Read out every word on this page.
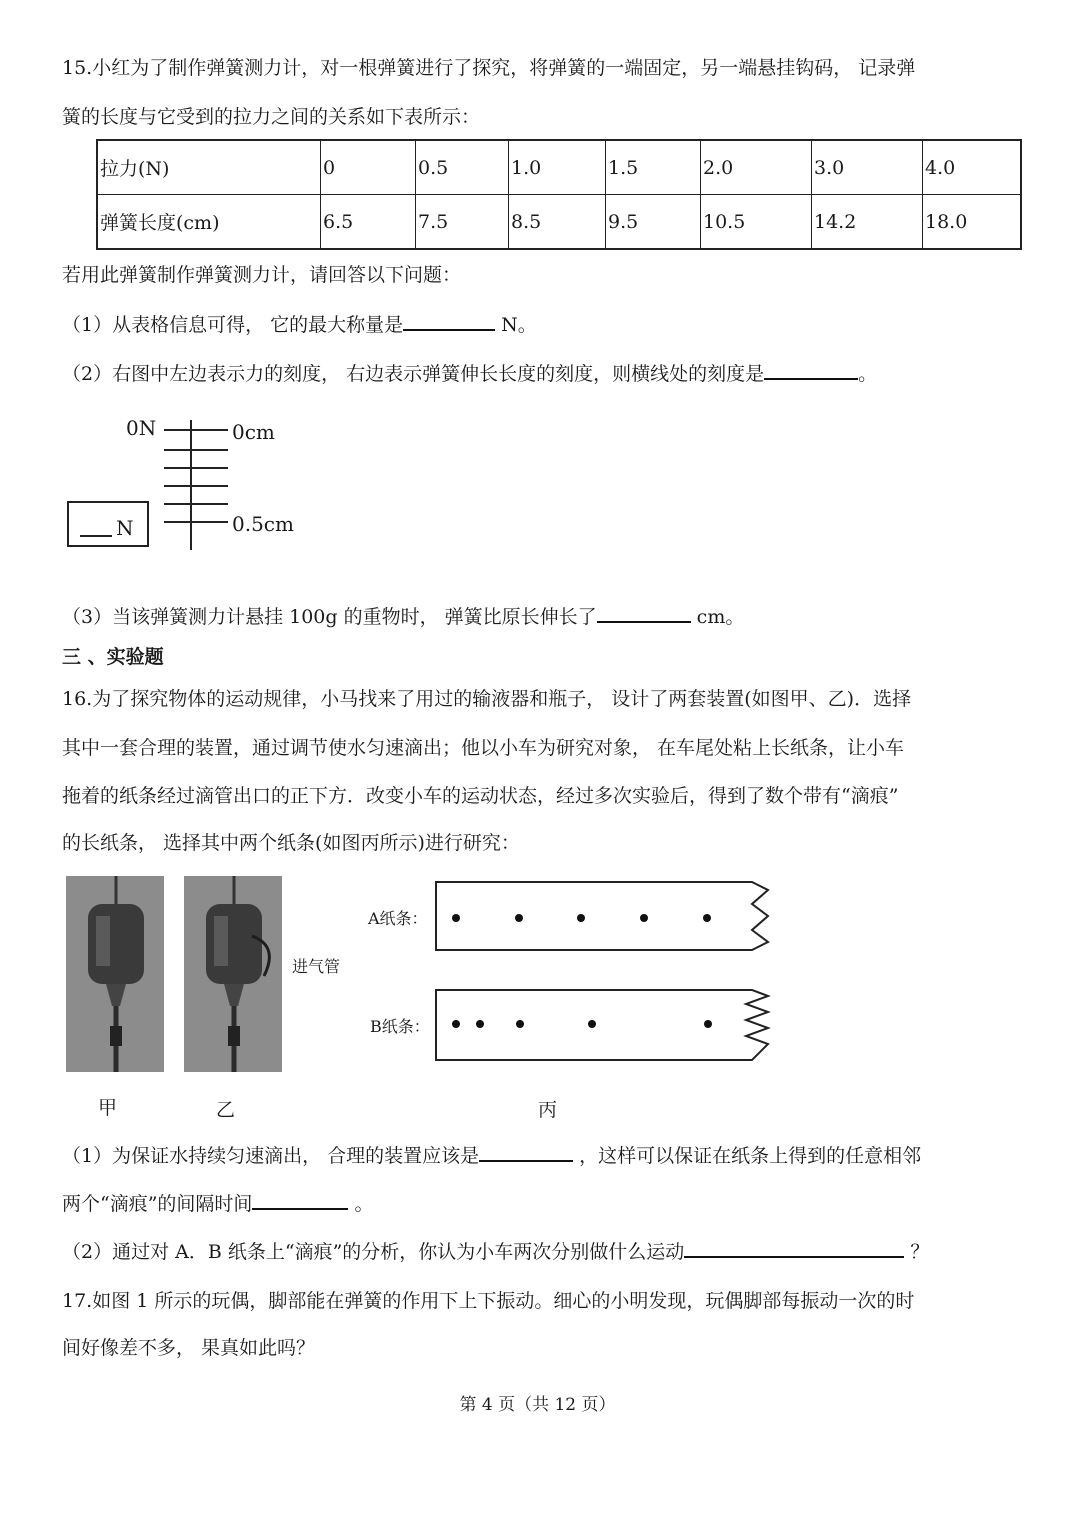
15.小红为了制作弹簧测力计，对一根弹簧进行了探究，将弹簧的一端固定，另一端悬挂钩码， 记录弹
簧的长度与它受到的拉力之间的关系如下表所示：
拉力(N)	0	0.5	1.0	1.5	2.0	3.0	4.0
弹簧长度(cm)	6.5	7.5	8.5	9.5	10.5	14.2	18.0
若用此弹簧制作弹簧测力计，请回答以下问题：
（1）从表格信息可得， 它的最大称量是	N。
（2）右图中左边表示力的刻度， 右边表示弹簧伸长长度的刻度，则横线处的刻度是	。
0N	0cm
0.5cm
N
（3）当该弹簧测力计悬挂 100g 的重物时， 弹簧比原长伸长了	cm。
三 、实验题
16.为了探究物体的运动规律，小马找来了用过的输液器和瓶子， 设计了两套装置(如图甲、乙)．选择
其中一套合理的装置，通过调节使水匀速滴出；他以小车为研究对象， 在车尾处粘上长纸条，让小车
拖着的纸条经过滴管出口的正下方．改变小车的运动状态，经过多次实验后，得到了数个带有“滴痕”
的长纸条， 选择其中两个纸条(如图丙所示)进行研究：
进气管
A纸条：
B纸条：
甲	乙	丙
（1）为保证水持续匀速滴出， 合理的装置应该是	，这样可以保证在纸条上得到的任意相邻
两个“滴痕”的间隔时间	。
（2）通过对 A．B 纸条上“滴痕”的分析，你认为小车两次分别做什么运动	？
17.如图 1 所示的玩偶，脚部能在弹簧的作用下上下振动。细心的小明发现，玩偶脚部每振动一次的时
间好像差不多， 果真如此吗？
第 4 页（共 12 页）
